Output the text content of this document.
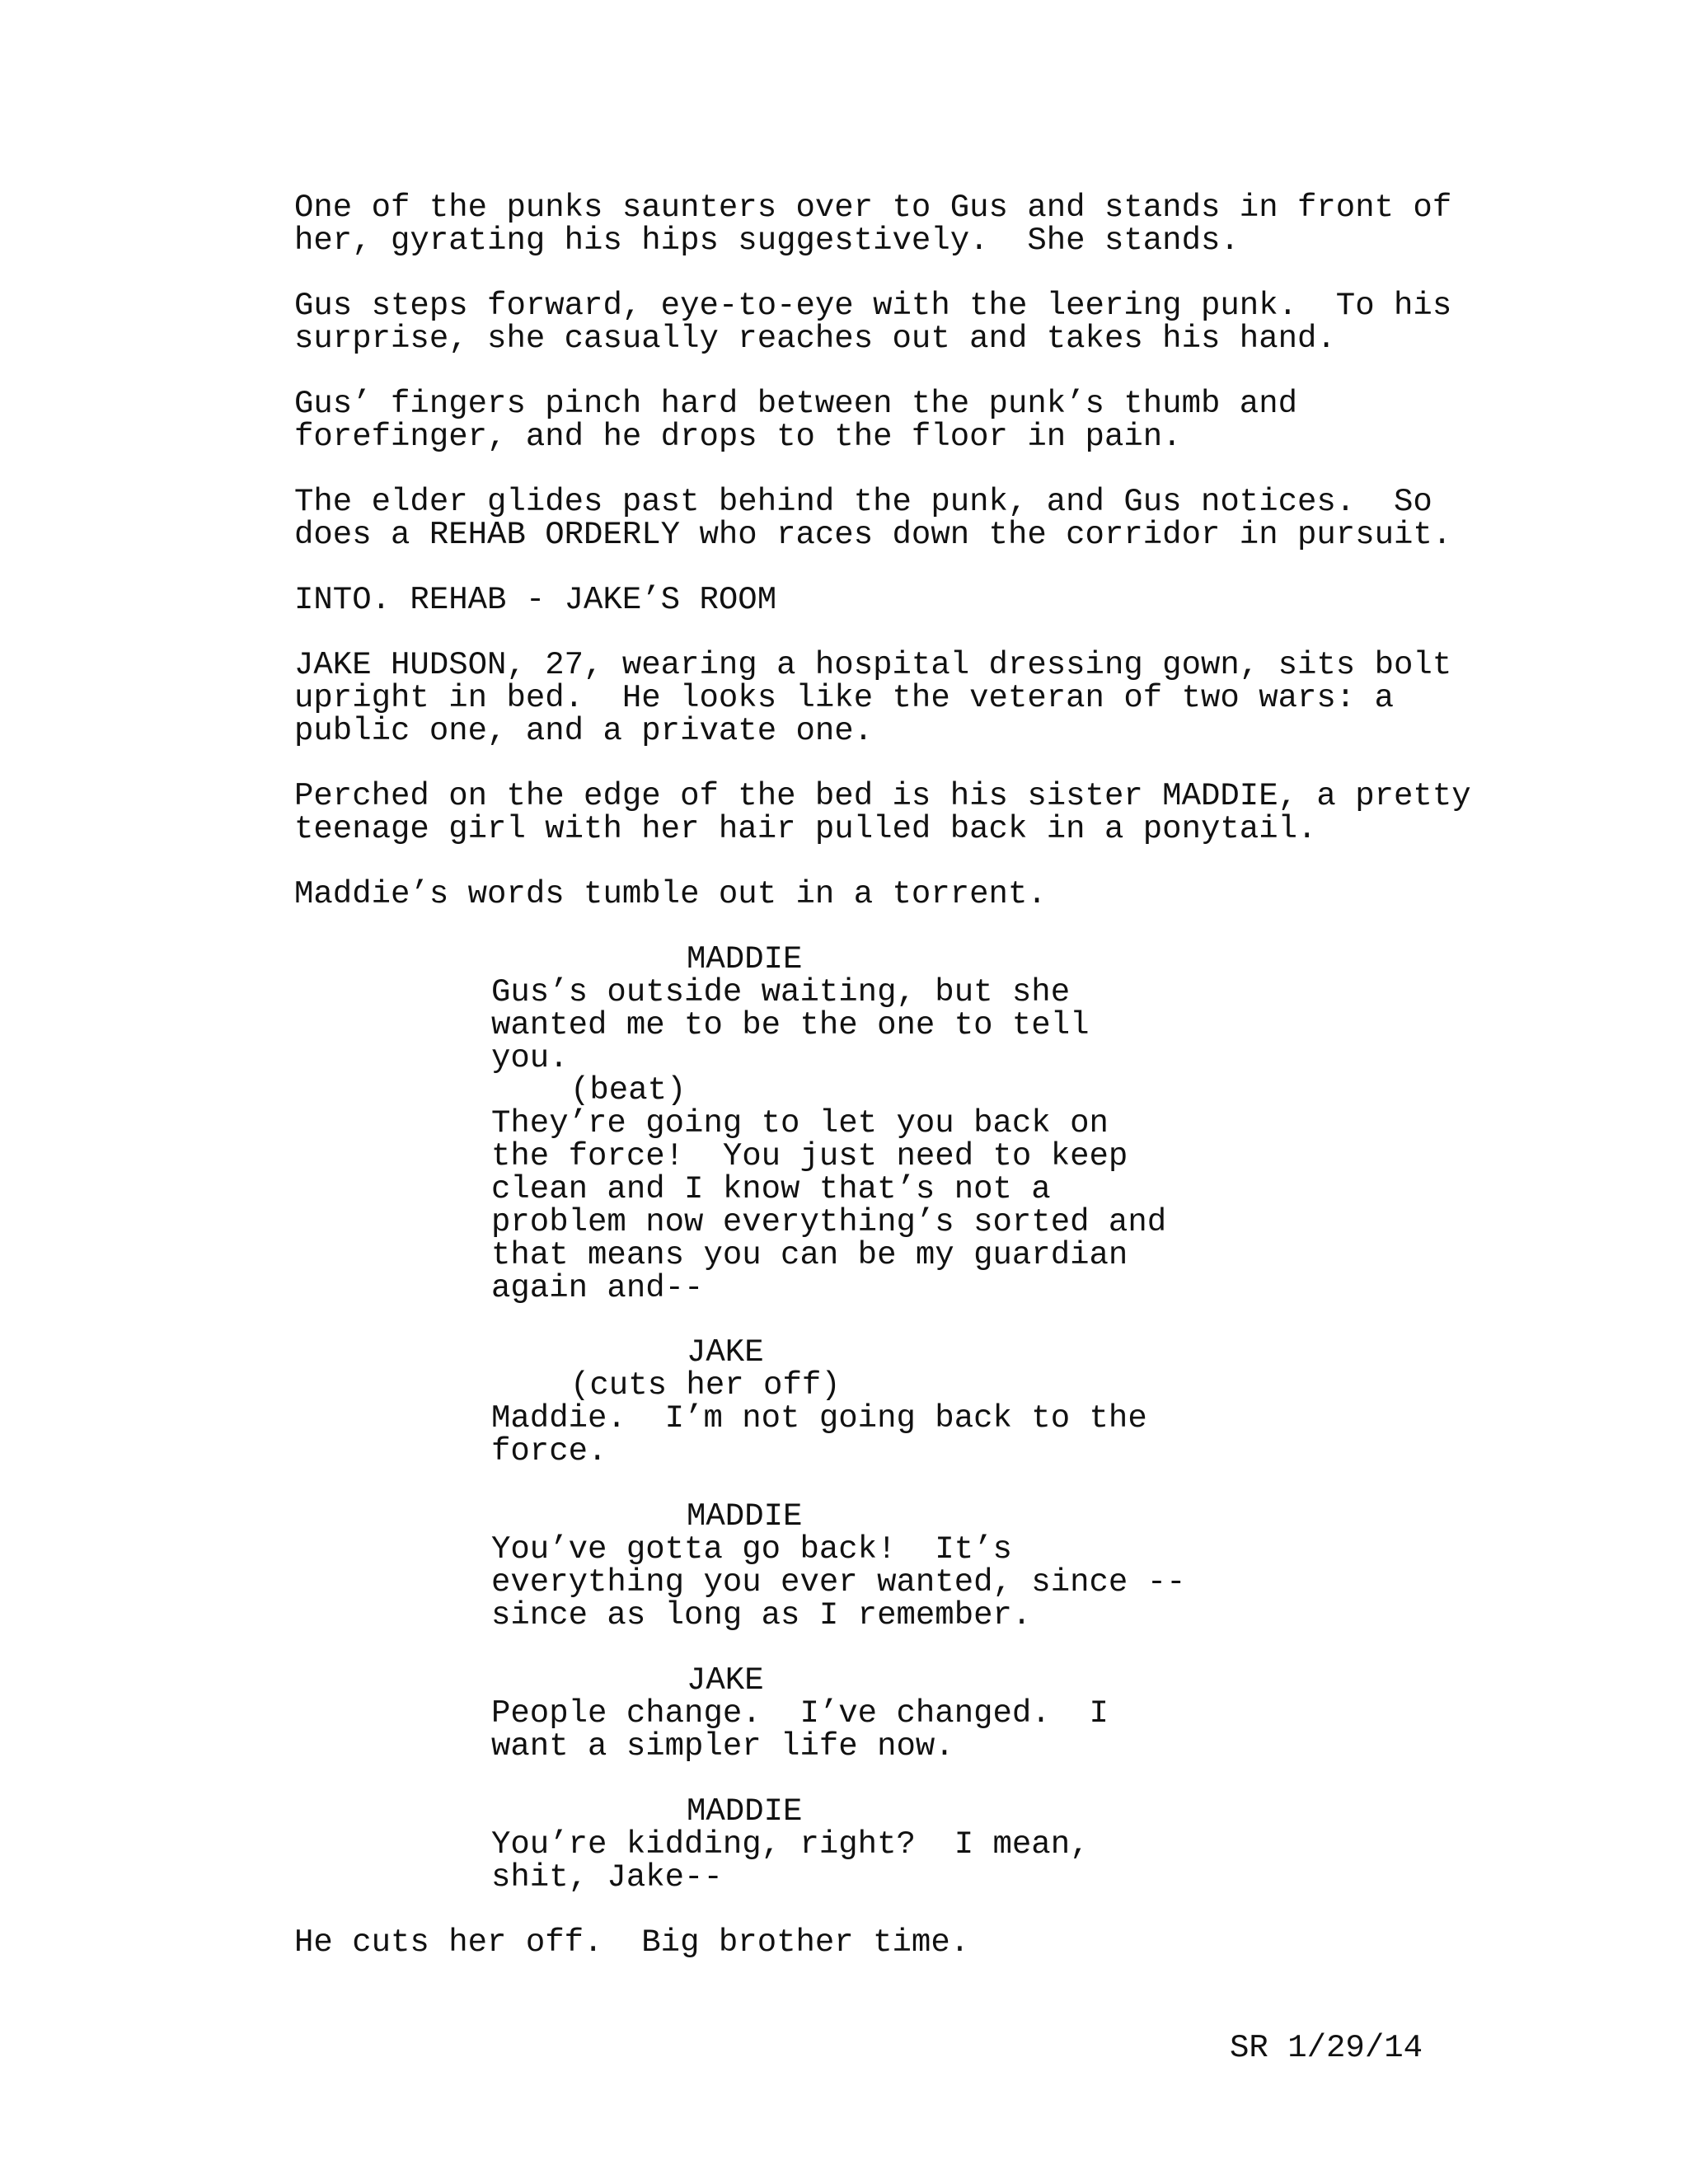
One of the punks saunters over to Gus and stands in front of
her, gyrating his hips suggestively.  She stands.

Gus steps forward, eye-to-eye with the leering punk.  To his
surprise, she casually reaches out and takes his hand.

Gus’ fingers pinch hard between the punk’s thumb and
forefinger, and he drops to the floor in pain.

The elder glides past behind the punk, and Gus notices.  So
does a REHAB ORDERLY who races down the corridor in pursuit.

INTO. REHAB - JAKE’S ROOM

JAKE HUDSON, 27, wearing a hospital dressing gown, sits bolt
upright in bed.  He looks like the veteran of two wars: a
public one, and a private one.

Perched on the edge of the bed is his sister MADDIE, a pretty
teenage girl with her hair pulled back in a ponytail.

Maddie’s words tumble out in a torrent.

MADDIE

Gus’s outside waiting, but she
wanted me to be the one to tell
you.

(beat)

They’re going to let you back on
the force!  You just need to keep
clean and I know that’s not a
problem now everything’s sorted and
that means you can be my guardian
again and--

JAKE

(cuts her off)

Maddie.  I’m not going back to the
force.

MADDIE

You’ve gotta go back!  It’s
everything you ever wanted, since --
since as long as I remember.

JAKE

People change.  I’ve changed.  I
want a simpler life now.

MADDIE

You’re kidding, right?  I mean,
shit, Jake--

He cuts her off.  Big brother time.

SR 1/29/14
